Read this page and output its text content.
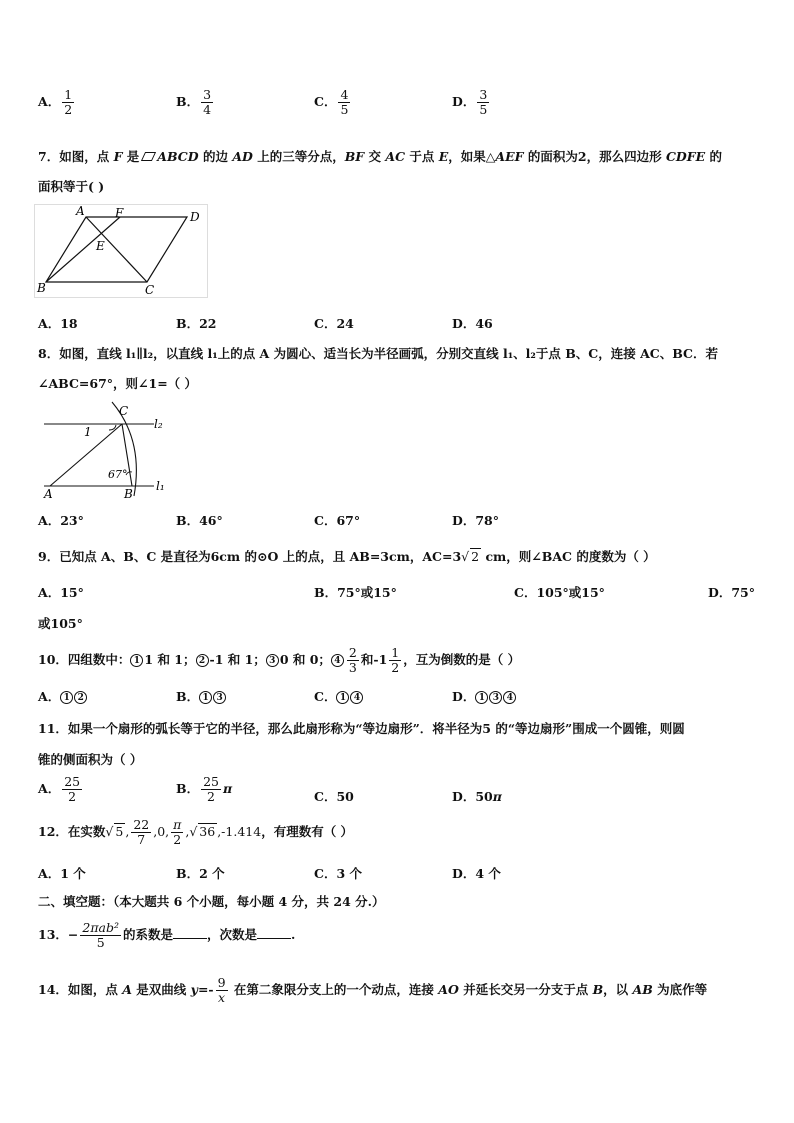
A． $\frac{1}{2}$	B． $\frac{3}{4}$	C． $\frac{4}{5}$	D． $\frac{3}{5}$
7．如图，点 F 是 ABCD 的边 AD 上的三等分点，BF 交 AC 于点 E，如果△AEF 的面积为2，那么四边形 CDFE 的
面积等于( )
A	F	D
E
B	C
A．18	B．22	C．24	D．46
8．如图，直线 l₁∥l₂，以直线 l₁上的点 A 为圆心、适当长为半径画弧，分别交直线 l₁、l₂于点 B、C，连接 AC、BC．若
∠ABC=67°，则∠1=（ ）
C
l₂
1
67°
A	B
l₁
A．23°	B．46°	C．67°	D．78°
9．已知点 A、B、C 是直径为6cm 的⊙O 上的点，且 AB=3cm，AC=3√ 2 cm，则∠BAC 的度数为（ ）
A．15°	B．75°或15°	C．105°或15°	D．75°
或105°
10．四组数中： 1 1 和 1； 2 -1 和 1； 3 0 和 0； $4 \frac{2}{3}$ 和$-1 \frac{1}{2}$ ，互为倒数的是（ ）
A． 1 2	B． 1 3	C． 1 4	D． 1 3 4
11．如果一个扇形的弧长等于它的半径，那么此扇形称为“等边扇形”．将半径为5 的“等边扇形”围成一个圆锥，则圆
锥的侧面积为（ ）
A． $\frac{25}{2}$	B． $\frac{25}{2}$ π
C．50	D．50π
12．在实数√ 5 , $\frac{22}{7} ,0$, $\frac{\pi}{2}$ ,√ 36 ,-1.414，有理数有（ ）
A．1 个	B．2 个	C．3 个	D．4 个
二、填空题：（本大题共 6 个小题，每小题 4 分，共 24 分.）
13．− $\frac{\text{2πab²}}{5}$ 的系数是	，次数是	.
14．如图，点 A 是双曲线 $y=- \frac{9}{x}$ 在第二象限分支上的一个动点，连接 AO 并延长交另一分支于点 B，以 AB 为底作等
